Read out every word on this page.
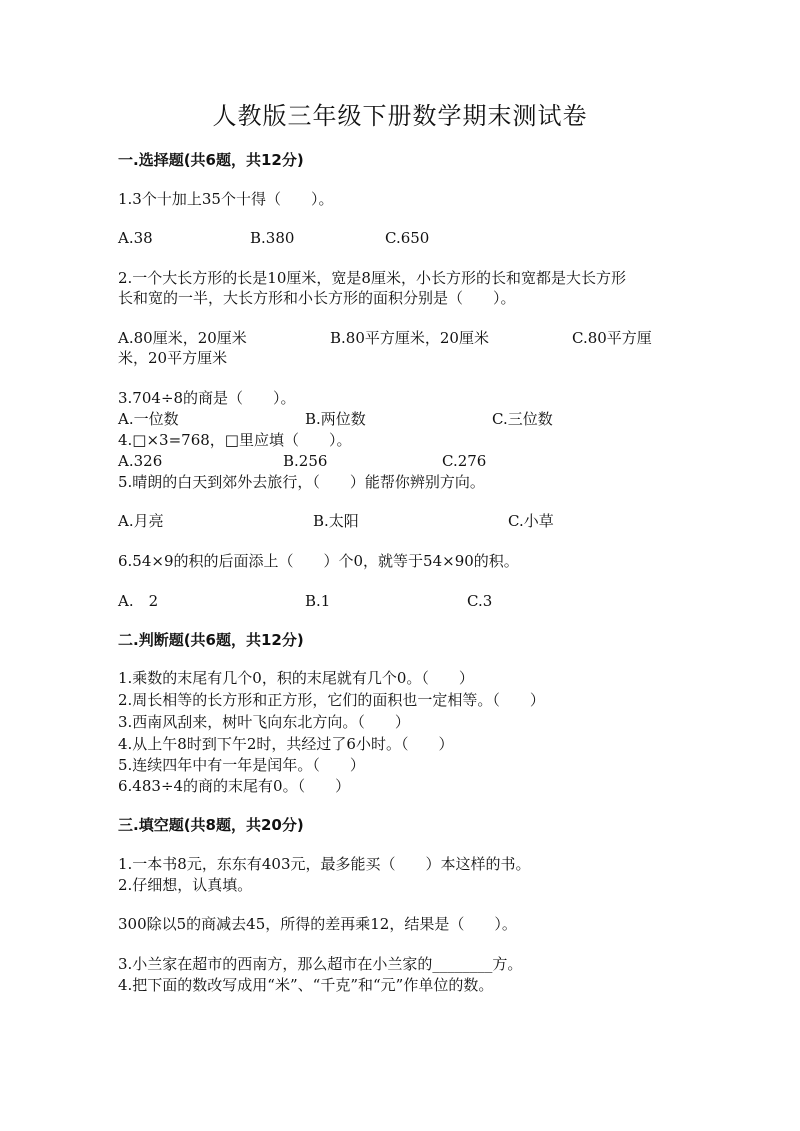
人教版三年级下册数学期末测试卷
一.选择题(共6题，共12分)
1.3个十加上35个十得（　　）。
A.38	B.380	C.650
2.一个大长方形的长是10厘米，宽是8厘米，小长方形的长和宽都是大长方形
长和宽的一半，大长方形和小长方形的面积分别是（　　）。
A.80厘米，20厘米	B.80平方厘米，20厘米	C.80平方厘
米，20平方厘米
3.704÷8的商是（　　）。
A.一位数	B.两位数	C.三位数
4.□×3=768，□里应填（　　）。
A.326	B.256	C.276
5.晴朗的白天到郊外去旅行，（　　）能帮你辨别方向。
A.月亮	B.太阳	C.小草
6.54×9的积的后面添上（　　）个0，就等于54×90的积。
A.　2	B.1	C.3
二.判断题(共6题，共12分)
1.乘数的末尾有几个0，积的末尾就有几个0。（　　）
2.周长相等的长方形和正方形，它们的面积也一定相等。（　　）
3.西南风刮来，树叶飞向东北方向。（　　）
4.从上午8时到下午2时，共经过了6小时。（　　）
5.连续四年中有一年是闰年。（　　）
6.483÷4的商的末尾有0。（　　）
三.填空题(共8题，共20分)
1.一本书8元，东东有403元，最多能买（　　）本这样的书。
2.仔细想，认真填。
300除以5的商减去45，所得的差再乘12，结果是（　　）。
3.小兰家在超市的西南方，那么超市在小兰家的________方。
4.把下面的数改写成用“米”、“千克”和“元”作单位的数。
